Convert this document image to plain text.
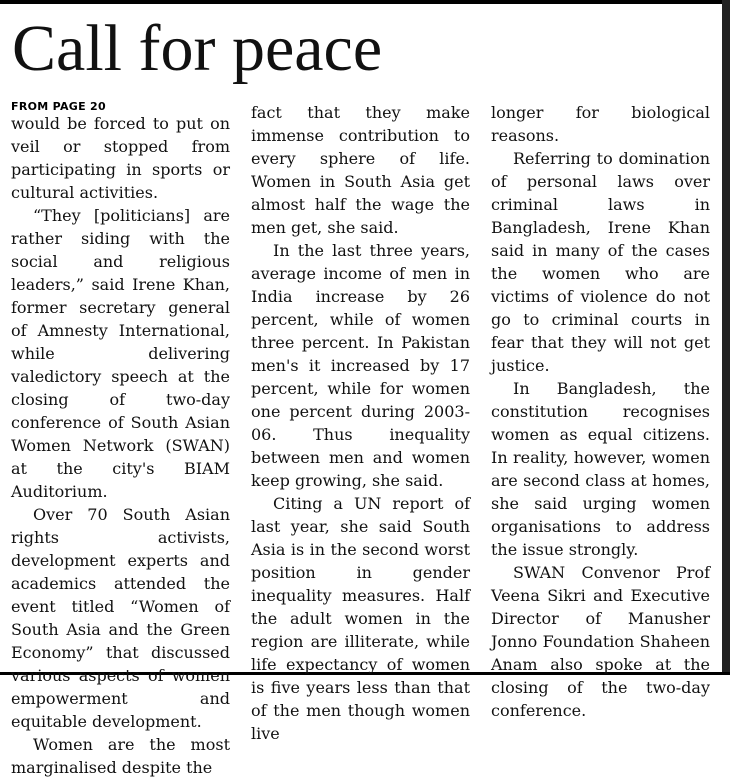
Call for peace
FROM PAGE 20

would be forced to put on veil or stopped from participating in sports or cultural activities.

“They [politicians] are rather siding with the social and religious leaders,” said Irene Khan, former secretary general of Amnesty International, while delivering valedictory speech at the closing of two-day conference of South Asian Women Network (SWAN) at the city's BIAM Auditorium.

Over 70 South Asian rights activists, development experts and academics attended the event titled “Women of South Asia and the Green Economy” that discussed various aspects of women empowerment and equitable development.

Women are the most marginalised despite the

fact that they make immense contribution to every sphere of life. Women in South Asia get almost half the wage the men get, she said.

In the last three years, average income of men in India increase by 26 percent, while of women three percent. In Pakistan men's it increased by 17 percent, while for women one percent during 2003-06. Thus inequality between men and women keep growing, she said.

Citing a UN report of last year, she said South Asia is in the second worst position in gender inequality measures. Half the adult women in the region are illiterate, while life expectancy of women is five years less than that of the men though women live

longer for biological reasons.

Referring to domination of personal laws over criminal laws in Bangladesh, Irene Khan said in many of the cases the women who are victims of violence do not go to criminal courts in fear that they will not get justice.

In Bangladesh, the constitution recognises women as equal citizens. In reality, however, women are second class at homes, she said urging women organisations to address the issue strongly.

SWAN Convenor Prof Veena Sikri and Executive Director of Manusher Jonno Foundation Shaheen Anam also spoke at the closing of the two-day conference.
